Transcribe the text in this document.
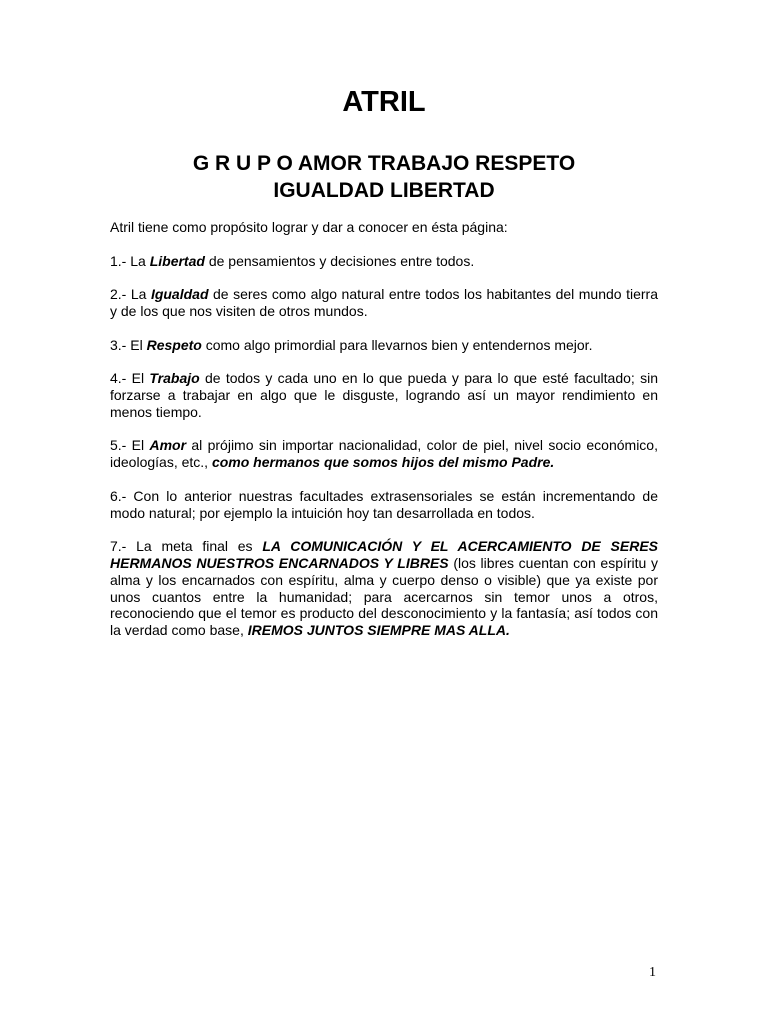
ATRIL
G R U P O AMOR TRABAJO RESPETO
IGUALDAD LIBERTAD

Atril tiene como propósito lograr y dar a conocer en ésta página:

1.- La Libertad de pensamientos y decisiones entre todos.

2.- La Igualdad de seres como algo natural entre todos los habitantes del mundo tierra y de los que nos visiten de otros mundos.

3.- El Respeto como algo primordial para llevarnos bien y entendernos mejor.

4.- El Trabajo de todos y cada uno en lo que pueda y para lo que esté facultado; sin forzarse a trabajar en algo que le disguste, logrando así un mayor rendimiento en menos tiempo.

5.- El Amor al prójimo sin importar nacionalidad, color de piel, nivel socio económico, ideologías, etc., como hermanos que somos hijos del mismo Padre.

6.- Con lo anterior nuestras facultades extrasensoriales se están incrementando de modo natural; por ejemplo la intuición hoy tan desarrollada en todos.

7.- La meta final es LA COMUNICACIÓN Y EL ACERCAMIENTO DE SERES HERMANOS NUESTROS ENCARNADOS Y LIBRES (los libres cuentan con espíritu y alma y los encarnados con espíritu, alma y cuerpo denso o visible) que ya existe por unos cuantos entre la humanidad; para acercarnos sin temor unos a otros, reconociendo que el temor es producto del desconocimiento y la fantasía; así todos con la verdad como base, IREMOS JUNTOS SIEMPRE MAS ALLA.

1
